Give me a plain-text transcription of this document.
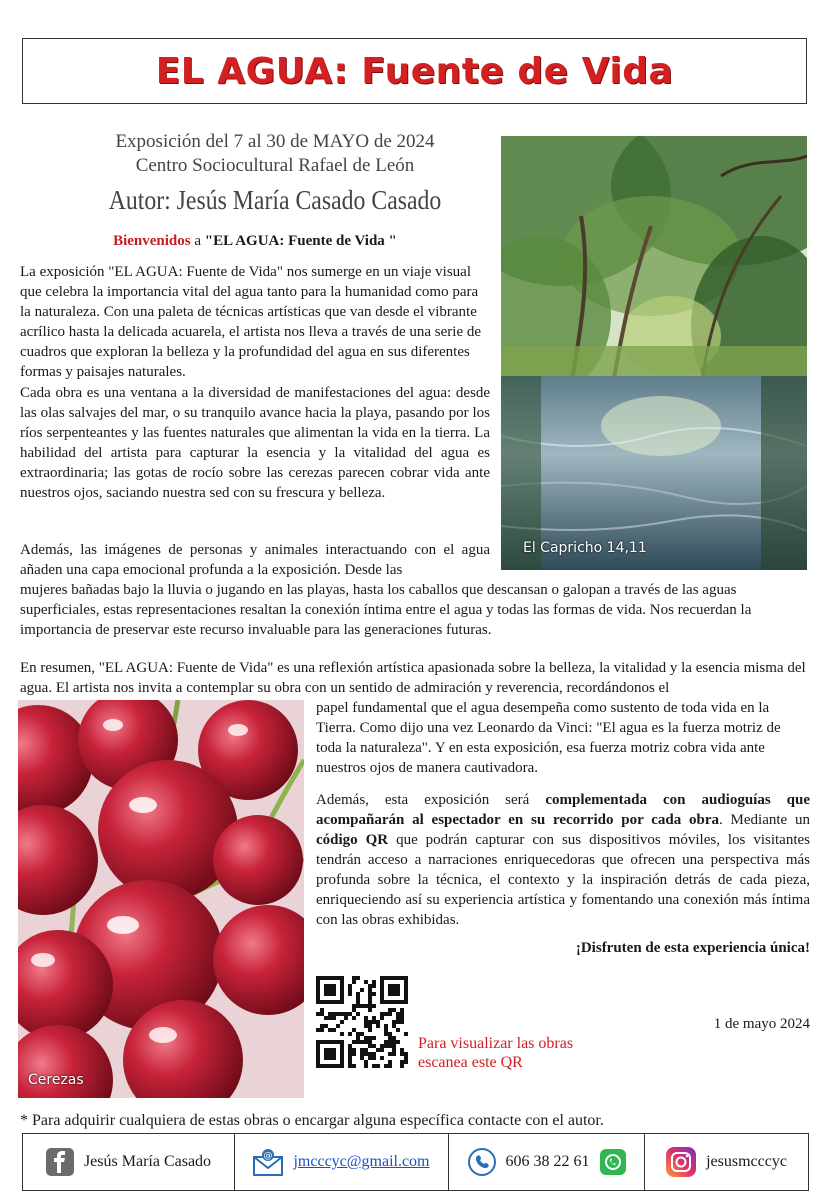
EL AGUA: Fuente de Vida
Exposición del 7 al 30 de MAYO de 2024
Centro Sociocultural Rafael de León
Autor: Jesús María Casado Casado
Bienvenidos a "EL AGUA: Fuente de Vida "

La exposición "EL AGUA: Fuente de Vida" nos sumerge en un viaje visual que celebra la importancia vital del agua tanto para la humanidad como para la naturaleza. Con una paleta de técnicas artísticas que van desde el vibrante acrílico hasta la delicada acuarela, el artista nos lleva a través de una serie de cuadros que exploran la belleza y la profundidad del agua en sus diferentes formas y paisajes naturales.

Cada obra es una ventana a la diversidad de manifestaciones del agua: desde las olas salvajes del mar, o su tranquilo avance hacia la playa, pasando por los ríos serpenteantes y las fuentes naturales que alimentan la vida en la tierra. La habilidad del artista para capturar la esencia y la vitalidad del agua es extraordinaria; las gotas de rocío sobre las cerezas parecen cobrar vida ante nuestros ojos, saciando nuestra sed con su frescura y belleza.

Además, las imágenes de personas y animales interactuando con el agua añaden una capa emocional profunda a la exposición. Desde las

mujeres bañadas bajo la lluvia o jugando en las playas, hasta los caballos que descansan o galopan a través de las aguas superficiales, estas representaciones resaltan la conexión íntima entre el agua y todas las formas de vida. Nos recuerdan la importancia de preservar este recurso invaluable para las generaciones futuras.

En resumen, "EL AGUA: Fuente de Vida" es una reflexión artística apasionada sobre la belleza, la vitalidad y la esencia misma del agua. El artista nos invita a contemplar su obra con un sentido de admiración y reverencia, recordándonos el

papel fundamental que el agua desempeña como sustento de toda vida en la Tierra. Como dijo una vez Leonardo da Vinci: "El agua es la fuerza motriz de toda la naturaleza". Y en esta exposición, esa fuerza motriz cobra vida ante nuestros ojos de manera cautivadora.

Además, esta exposición será complementada con audioguías que acompañarán al espectador en su recorrido por cada obra. Mediante un código QR que podrán capturar con sus dispositivos móviles, los visitantes tendrán acceso a narraciones enriquecedoras que ofrecen una perspectiva más profunda sobre la técnica, el contexto y la inspiración detrás de cada pieza, enriqueciendo así su experiencia artística y fomentando una conexión más íntima con las obras exhibidas.

¡Disfruten de esta experiencia única!
1 de mayo 2024
El Capricho 14,11
Cerezas
Para visualizar las obras
escanea este QR
* Para adquirir cualquiera de estas obras o encargar alguna específica contacte con el autor.
Jesús María Casado	@ jmcccyc@gmail.com	606 38 22 61	jesusmcccyc
